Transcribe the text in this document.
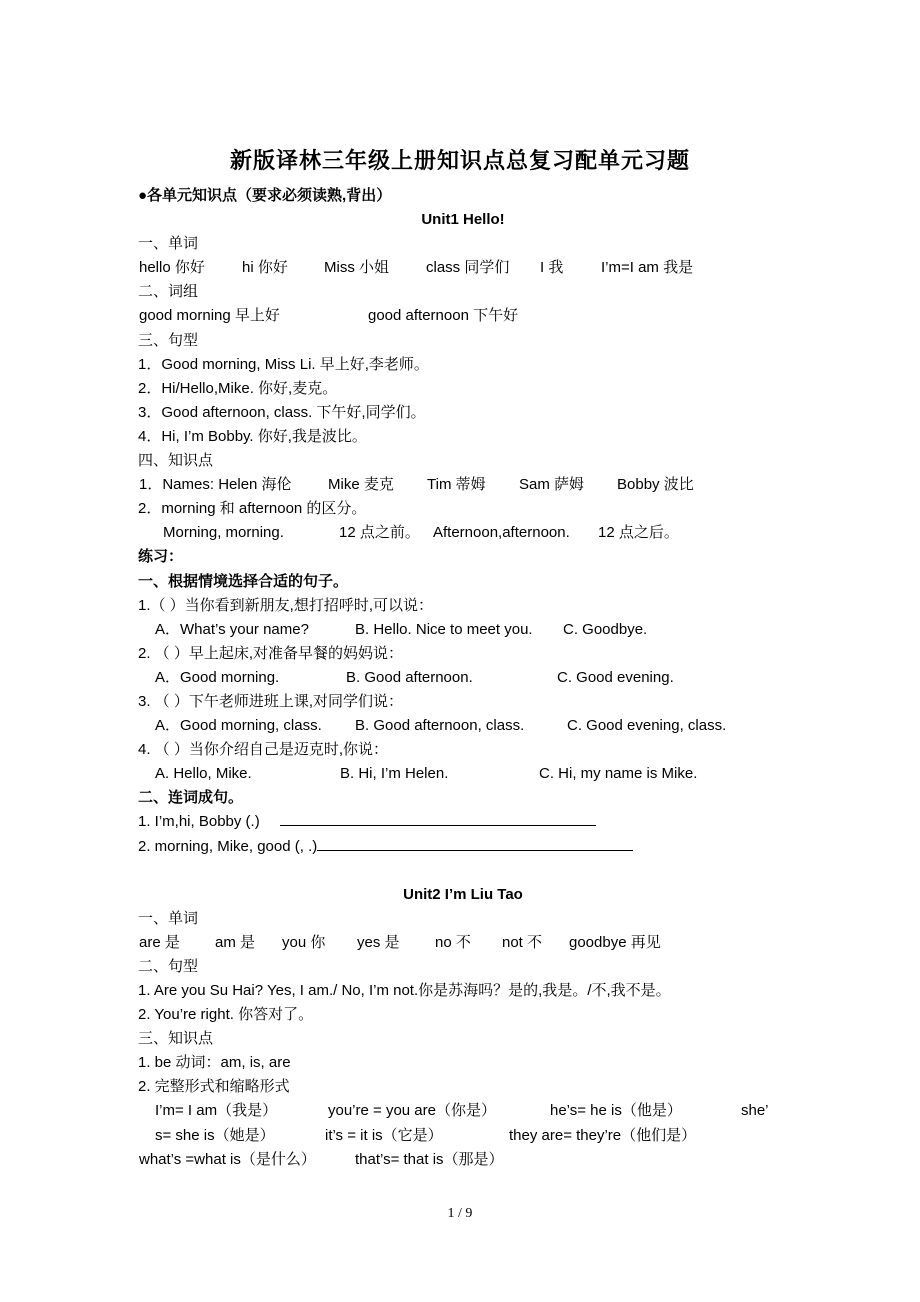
新版译林三年级上册知识点总复习配单元习题
●各单元知识点（要求必须读熟,背出）
Unit1 Hello!
一、单词
hello 你好 hi 你好 Miss 小姐 class 同学们 I 我	I’m=I am 我是
二、词组
good morning 早上好	good afternoon 下午好
三、句型
1．Good morning, Miss Li. 早上好,李老师。
2．Hi/Hello,Mike. 你好,麦克。
3．Good afternoon, class. 下午好,同学们。
4．Hi, I’m Bobby. 你好,我是波比。
四、知识点
1．Names: Helen 海伦 Mike 麦克 Tim 蒂姆 Sam 萨姆 Bobby 波比
2．morning 和 afternoon 的区分。
Morning, morning.	12 点之前。 Afternoon,afternoon. 12 点之后。
练习：
一、根据情境选择合适的句子。
1.（ ）当你看到新朋友,想打招呼时,可以说：
A．What’s your name?	B. Hello. Nice to meet you. C. Goodbye.
2. （ ）早上起床,对准备早餐的妈妈说：
A．Good morning.	B. Good afternoon.	C. Good evening.
3. （ ）下午老师进班上课,对同学们说：
A．Good morning, class. B. Good afternoon, class.	C. Good evening, class.
4. （ ）当你介绍自己是迈克时,你说：
A. Hello, Mike.	B. Hi, I’m Helen.	C. Hi, my name is Mike.
二、连词成句。
1. I’m,hi, Bobby (.)
2. morning, Mike, good (, .)
Unit2 I’m Liu Tao
一、单词
are 是 am 是 you 你 yes 是 no 不 not 不 goodbye 再见
二、句型
1. Are you Su Hai? Yes, I am./ No, I’m not.你是苏海吗？是的,我是。/不,我不是。
2. You’re right. 你答对了。
三、知识点
1. be 动词：am, is, are
2. 完整形式和缩略形式
I’m= I am（我是）	you’re = you are（你是）	he’s= he is（他是）	she’
s= she is（她是）	it’s = it is（它是）	they are= they’re（他们是）
what’s =what is（是什么）	that’s= that is（那是）
1 / 9
